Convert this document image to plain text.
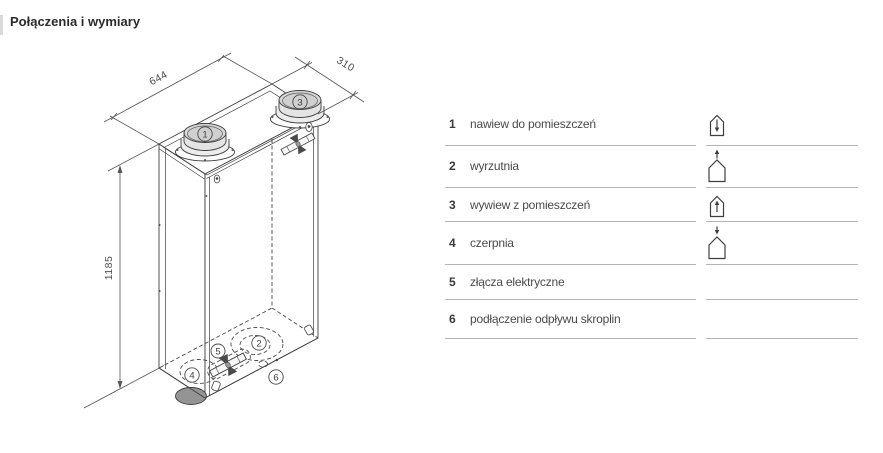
Połączenia i wymiary
644
310
1185
1
3
2
4
5
6
1	nawiew do pomieszczeń
2	wyrzutnia
3	wywiew z pomieszczeń
4	czerpnia
5	złącza elektryczne
6	podłączenie odpływu skroplin
